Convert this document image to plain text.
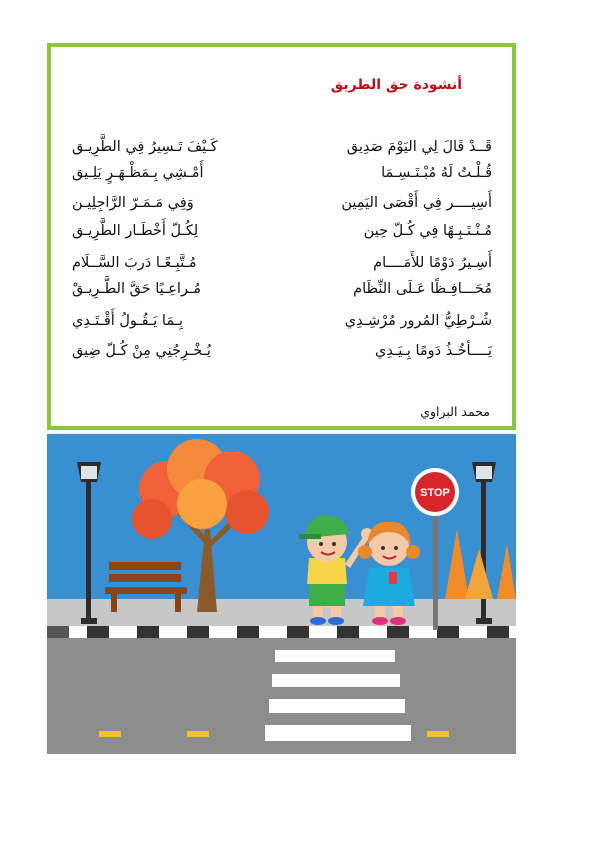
أنشودة حق الطريق
قَــدْ قَالَ لِي اليَوْمَ صَدِيق
كَـيْفَ تَـسِيرُ فِي الطَّرِيـق
قُـلْـتُ لَهُ مُبْـتَـسِـمَا
أَمْـشِي بِـمَظْـهَـرٍ يَلِـيق
أَسِيــــر فِي أَقْصَى اليَمِين
وَفِي مَـمَـرّ الرَّاجِلِيـن
مُـنْـتَـبِـهًا فِي كُـلّ حِين
لِكُـلّ أَخْطَـار الطَّرِيـق
أَسِـيرُ دَوْمًا للأَمَــــام
مُـتَّبِـعًـا دَربَ السَّــلَام
مُحَـــافِـظًا عَـلَى النِّظَام
مُـراعِـيًا حَقَّ الطَّـرِيـقْ
شُـرْطِيُّ المُرور مُرْشِـدِي
بِـمَا يَـقُـولُ أَقْـتَـدِي
يَــــأخُـذُ دَومًا بِـيَـدِي
يُـخْـرِجُنِي مِنْ كُـلّ ضِيق
محمد البراوي
STOP
